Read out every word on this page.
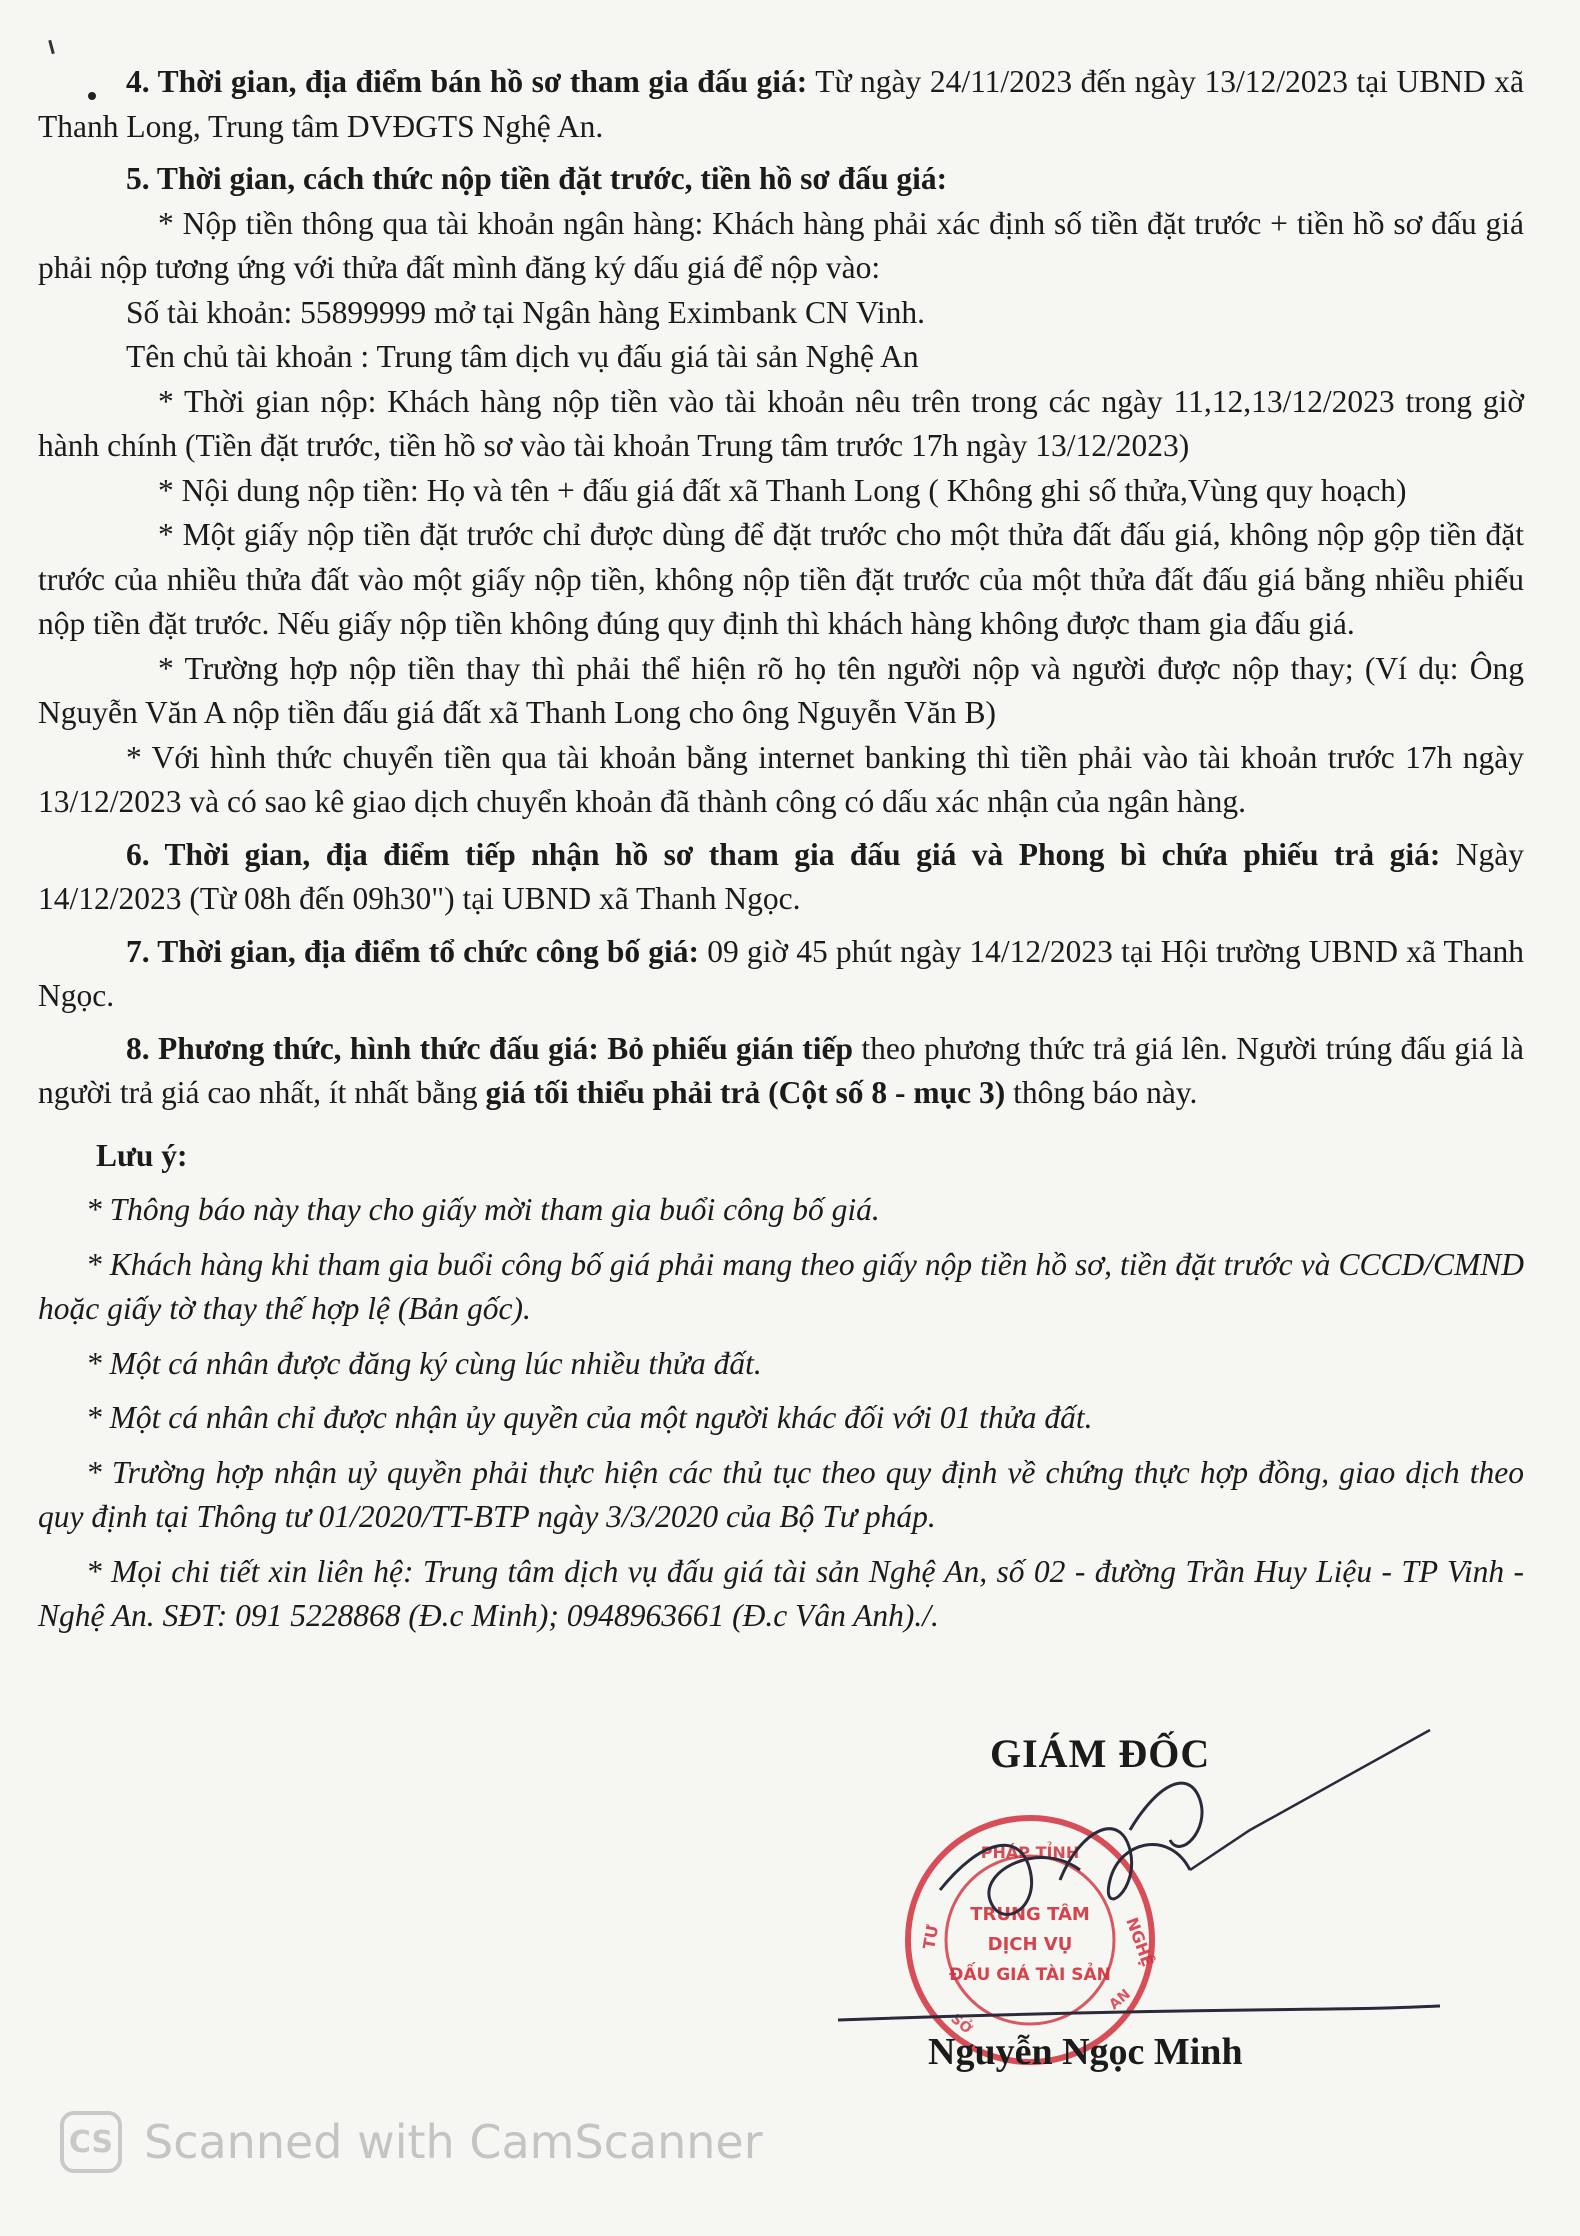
4. Thời gian, địa điểm bán hồ sơ tham gia đấu giá: Từ ngày 24/11/2023 đến ngày 13/12/2023 tại UBND xã Thanh Long, Trung tâm DVĐGTS Nghệ An.

5. Thời gian, cách thức nộp tiền đặt trước, tiền hồ sơ đấu giá:

* Nộp tiền thông qua tài khoản ngân hàng: Khách hàng phải xác định số tiền đặt trước + tiền hồ sơ đấu giá phải nộp tương ứng với thửa đất mình đăng ký dấu giá để nộp vào:

Số tài khoản: 55899999 mở tại Ngân hàng Eximbank CN Vinh.

Tên chủ tài khoản : Trung tâm dịch vụ đấu giá tài sản Nghệ An

* Thời gian nộp: Khách hàng nộp tiền vào tài khoản nêu trên trong các ngày 11,12,13/12/2023 trong giờ hành chính (Tiền đặt trước, tiền hồ sơ vào tài khoản Trung tâm trước 17h ngày 13/12/2023)

* Nội dung nộp tiền: Họ và tên + đấu giá đất xã Thanh Long ( Không ghi số thửa,Vùng quy hoạch)

* Một giấy nộp tiền đặt trước chỉ được dùng để đặt trước cho một thửa đất đấu giá, không nộp gộp tiền đặt trước của nhiều thửa đất vào một giấy nộp tiền, không nộp tiền đặt trước của một thửa đất đấu giá bằng nhiều phiếu nộp tiền đặt trước. Nếu giấy nộp tiền không đúng quy định thì khách hàng không được tham gia đấu giá.

* Trường hợp nộp tiền thay thì phải thể hiện rõ họ tên người nộp và người được nộp thay; (Ví dụ: Ông Nguyễn Văn A nộp tiền đấu giá đất xã Thanh Long cho ông Nguyễn Văn B)

* Với hình thức chuyển tiền qua tài khoản bằng internet banking thì tiền phải vào tài khoản trước 17h ngày 13/12/2023 và có sao kê giao dịch chuyển khoản đã thành công có dấu xác nhận của ngân hàng.

6. Thời gian, địa điểm tiếp nhận hồ sơ tham gia đấu giá và Phong bì chứa phiếu trả giá: Ngày 14/12/2023 (Từ 08h đến 09h30") tại UBND xã Thanh Ngọc.

7. Thời gian, địa điểm tổ chức công bố giá: 09 giờ 45 phút ngày 14/12/2023 tại Hội trường UBND xã Thanh Ngọc.

8. Phương thức, hình thức đấu giá: Bỏ phiếu gián tiếp theo phương thức trả giá lên. Người trúng đấu giá là người trả giá cao nhất, ít nhất bằng giá tối thiểu phải trả (Cột số 8 - mục 3) thông báo này.

Lưu ý:

* Thông báo này thay cho giấy mời tham gia buổi công bố giá.

* Khách hàng khi tham gia buổi công bố giá phải mang theo giấy nộp tiền hồ sơ, tiền đặt trước và CCCD/CMND hoặc giấy tờ thay thế hợp lệ (Bản gốc).

* Một cá nhân được đăng ký cùng lúc nhiều thửa đất.

* Một cá nhân chỉ được nhận ủy quyền của một người khác đối với 01 thửa đất.

* Trường hợp nhận uỷ quyền phải thực hiện các thủ tục theo quy định về chứng thực hợp đồng, giao dịch theo quy định tại Thông tư 01/2020/TT-BTP ngày 3/3/2020 của Bộ Tư pháp.

* Mọi chi tiết xin liên hệ: Trung tâm dịch vụ đấu giá tài sản Nghệ An, số 02 - đường Trần Huy Liệu - TP Vinh - Nghệ An. SĐT: 091 5228868 (Đ.c Minh); 0948963661 (Đ.c Vân Anh)./.

GIÁM ĐỐC
PHÁP TỈNH
TƯ	NGHỆ
TRUNG TÂM
DỊCH VỤ
ĐẤU GIÁ TÀI SẢN
SỞ
AN
Nguyễn Ngọc Minh
CS Scanned with CamScanner
